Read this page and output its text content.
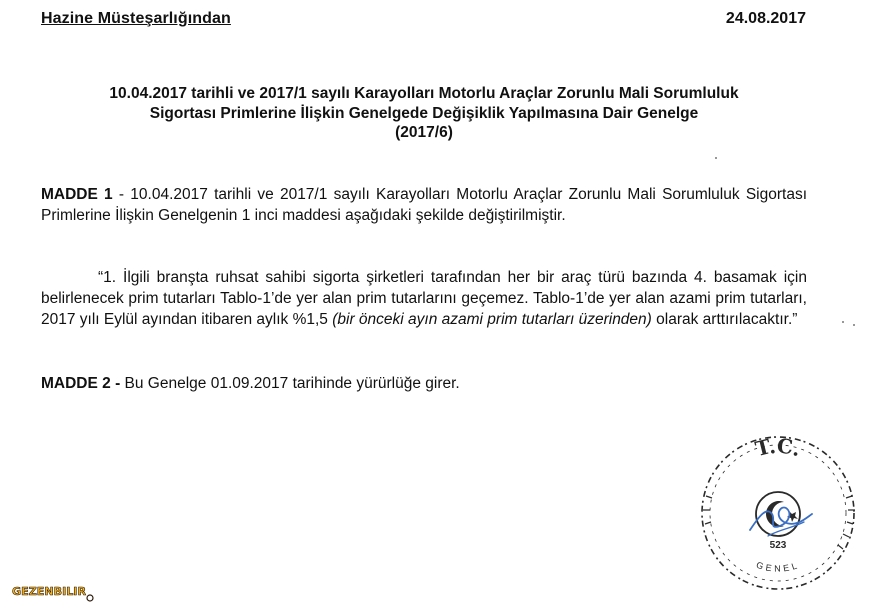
Hazine Müsteşarlığından	24.08.2017
10.04.2017 tarihli ve 2017/1 sayılı Karayolları Motorlu Araçlar Zorunlu Mali Sorumluluk
Sigortası Primlerine İlişkin Genelgede Değişiklik Yapılmasına Dair Genelge
(2017/6)
MADDE 1 - 10.04.2017 tarihli ve 2017/1 sayılı Karayolları Motorlu Araçlar Zorunlu Mali Sorumluluk Sigortası Primlerine İlişkin Genelgenin 1 inci maddesi aşağıdaki şekilde değiştirilmiştir.
“1. İlgili branşta ruhsat sahibi sigorta şirketleri tarafından her bir araç türü bazında 4. basamak için belirlenecek prim tutarları Tablo-1’de yer alan prim tutarlarını geçemez. Tablo-1’de yer alan azami prim tutarları, 2017 yılı Eylül ayından itibaren aylık %1,5 (bir önceki ayın azami prim tutarları üzerinden) olarak arttırılacaktır.”
MADDE 2 - Bu Genelge 01.09.2017 tarihinde yürürlüğe girer.
T.C.
GENEL
523
GEZENBILIR
